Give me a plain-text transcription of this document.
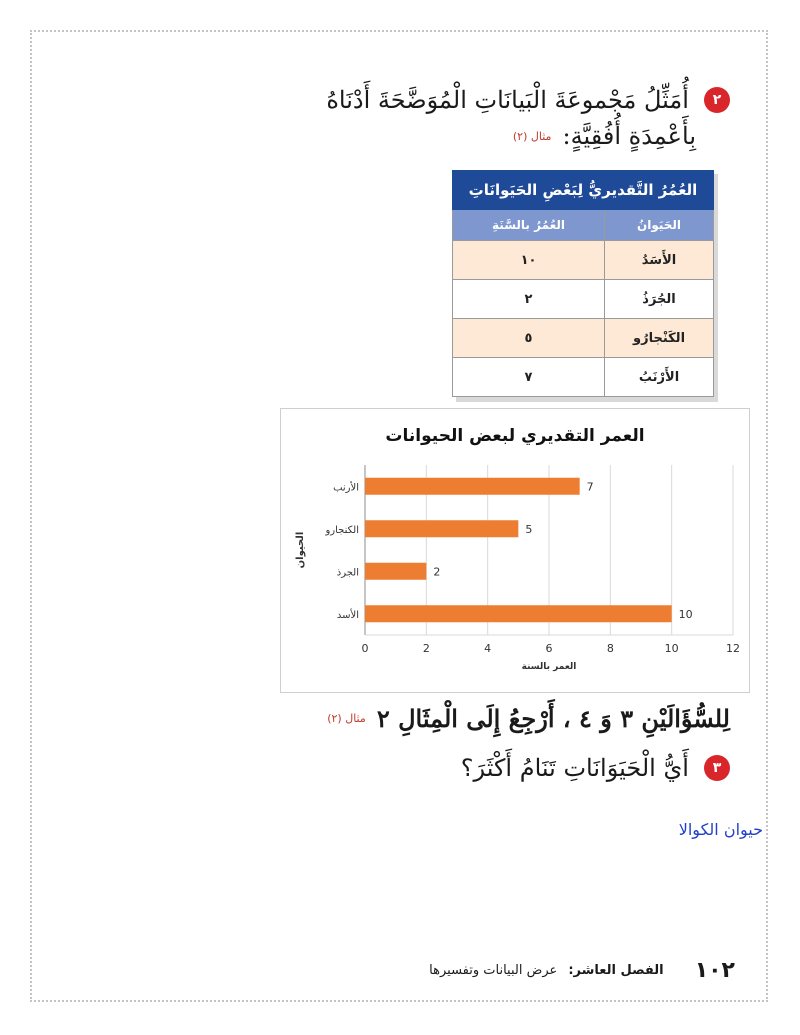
٢ أُمَثِّلُ مَجْموعَةَ الْبَيانَاتِ الْمُوَضَّحَةَ أَدْنَاهُ
بِأَعْمِدَةٍ أُفُقِيَّةٍ: مثال (٢)
العُمُرُ التَّقديريُّ لِبَعْضِ الحَيَوانَاتِ	
الحَيَوانُ	العُمُرُ بالسَّنَةِ
الأَسَدُ	١٠
الجُرَذُ	٢
الكَنْجارُو	٥
الأَرْنَبُ	٧
العمر التقديري لبعض الحيوانات
0	2	4	6	8	10	12
10
الأسد
2
الجرذ
5
الكنجارو
7
الأرنب
العمر بالسنة
الحيوان
لِلسُّؤَالَيْنِ ٣ وَ ٤ ، أَرْجِعُ إِلَى الْمِثَالِ ٢ مثال (٢)
٣ أَيُّ الْحَيَوَانَاتِ تَنَامُ أَكْثَرَ؟
حيوان الكوالا
١٠٢ الفصل العاشر: عرض البيانات وتفسيرها
